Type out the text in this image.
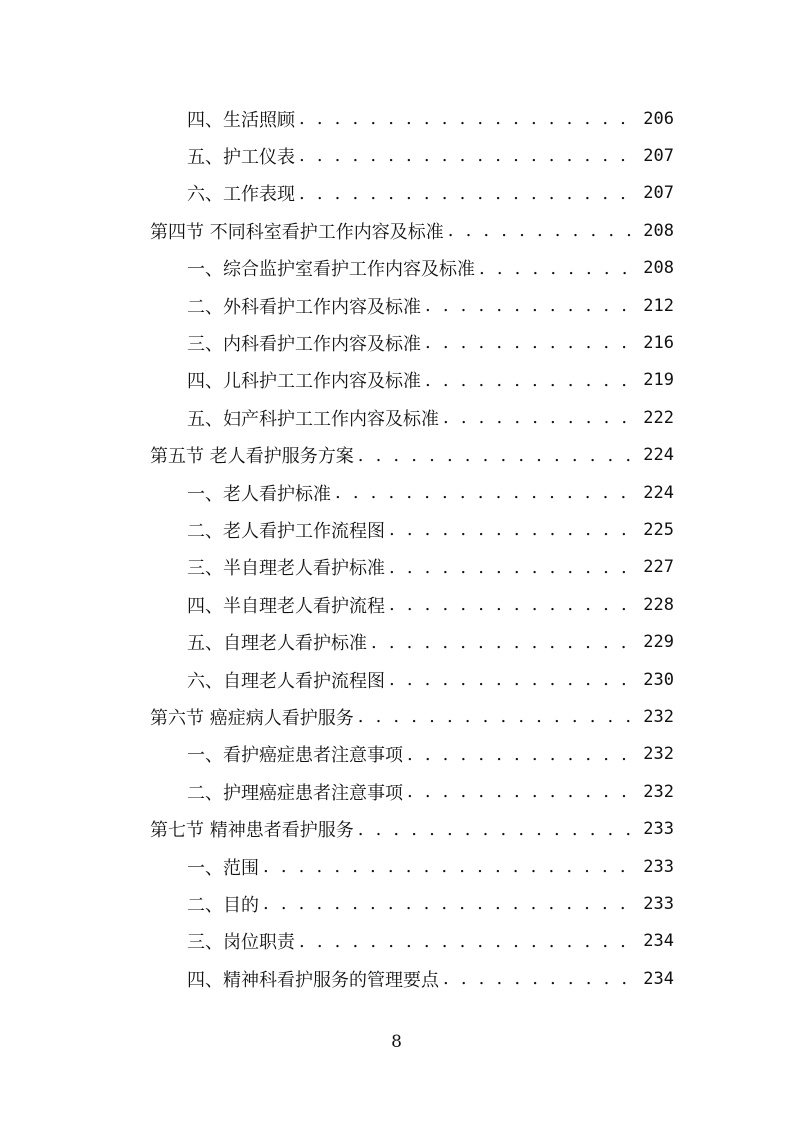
四、生活照顾 . . .	206
五、护工仪表 . . .	207
六、工作表现 . . .	207
第四节 不同科室看护工作内容及标准 . . .	208
一、综合监护室看护工作内容及标准 . . .	208
二、外科看护工作内容及标准 . . .	212
三、内科看护工作内容及标准 . . .	216
四、儿科护工工作内容及标准 . . .	219
五、妇产科护工工作内容及标准 . . .	222
第五节 老人看护服务方案 . . .	224
一、老人看护标准 . . .	224
二、老人看护工作流程图 . . .	225
三、半自理老人看护标准 . . .	227
四、半自理老人看护流程 . . .	228
五、自理老人看护标准 . . .	229
六、自理老人看护流程图 . . .	230
第六节 癌症病人看护服务 . . .	232
一、看护癌症患者注意事项 . . .	232
二、护理癌症患者注意事项 . . .	232
第七节 精神患者看护服务 . . .	233
一、范围 . . .	233
二、目的 . . .	233
三、岗位职责 . . .	234
四、精神科看护服务的管理要点 . . .	234
8
